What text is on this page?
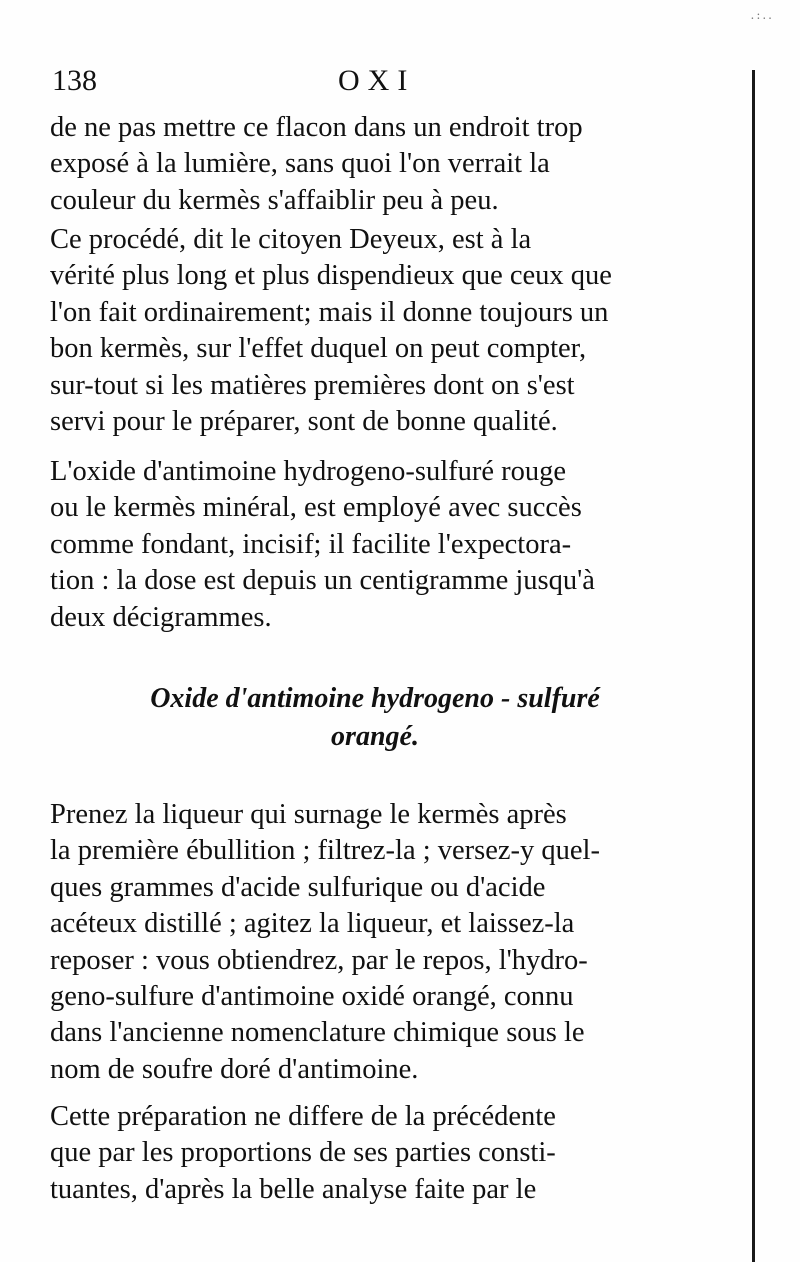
.:..
138	OXI

de ne pas mettre ce flacon dans un endroit trop
exposé à la lumière, sans quoi l'on verrait la
couleur du kermès s'affaiblir peu à peu.

Ce procédé, dit le citoyen Deyeux, est à la
vérité plus long et plus dispendieux que ceux que
l'on fait ordinairement; mais il donne toujours un
bon kermès, sur l'effet duquel on peut compter,
sur-tout si les matières premières dont on s'est
servi pour le préparer, sont de bonne qualité.

L'oxide d'antimoine hydrogeno-sulfuré rouge
ou le kermès minéral, est employé avec succès
comme fondant, incisif; il facilite l'expectora-
tion : la dose est depuis un centigramme jusqu'à
deux décigrammes.

Oxide d'antimoine hydrogeno - sulfuré
orangé.

Prenez la liqueur qui surnage le kermès après
la première ébullition ; filtrez-la ; versez-y quel-
ques grammes d'acide sulfurique ou d'acide
acéteux distillé ; agitez la liqueur, et laissez-la
reposer : vous obtiendrez, par le repos, l'hydro-
geno-sulfure d'antimoine oxidé orangé, connu
dans l'ancienne nomenclature chimique sous le
nom de soufre doré d'antimoine.

Cette préparation ne differe de la précédente
que par les proportions de ses parties consti-
tuantes, d'après la belle analyse faite par le
